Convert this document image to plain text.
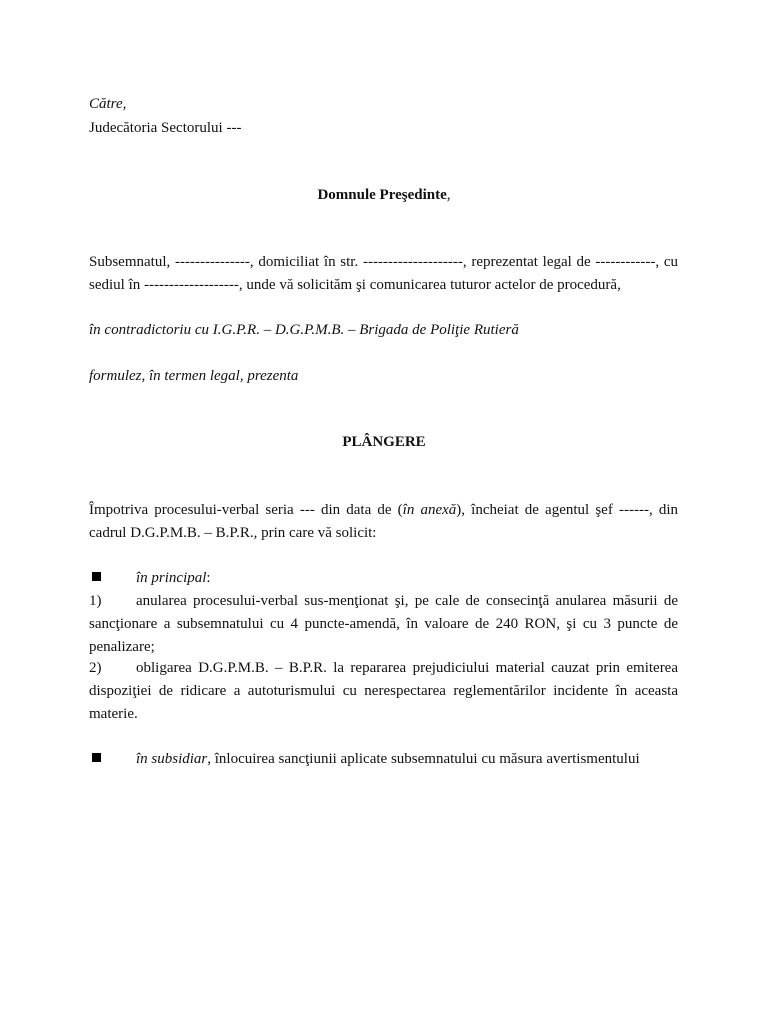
Către,
Judecătoria Sectorului ---
Domnule Preşedinte,
Subsemnatul, ---------------, domiciliat în str. --------------------, reprezentat legal de ------------, cu sediul în -------------------, unde vă solicităm şi comunicarea tuturor actelor de procedură,
în contradictoriu cu I.G.P.R. – D.G.P.M.B. – Brigada de Poliţie Rutieră
formulez, în termen legal, prezenta
PLÂNGERE
Împotriva procesului-verbal seria --- din data de (în anexă), încheiat de agentul şef ------, din cadrul D.G.P.M.B. – B.P.R., prin care vă solicit:
în principal:
1) anularea procesului-verbal sus-menţionat şi, pe cale de consecinţă anularea măsurii de sancţionare a subsemnatului cu 4 puncte-amendă, în valoare de 240 RON, şi cu 3 puncte de penalizare;
2) obligarea D.G.P.M.B. – B.P.R. la repararea prejudiciului material cauzat prin emiterea dispoziţiei de ridicare a autoturismului cu nerespectarea reglementărilor incidente în aceasta materie.
în subsidiar, înlocuirea sancţiunii aplicate subsemnatului cu măsura avertismentului
